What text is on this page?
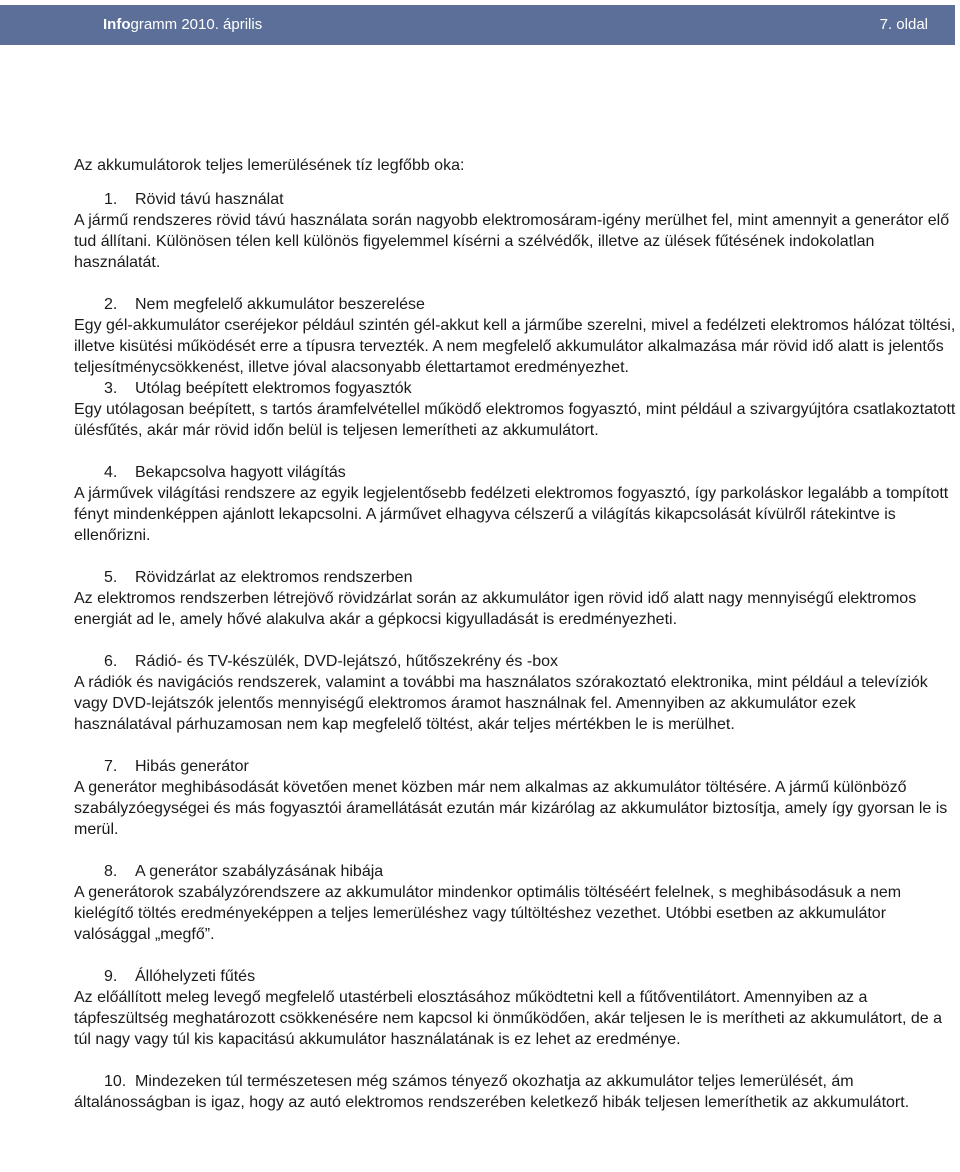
Infogramm 2010. április	7. oldal

Az akkumulátorok teljes lemerülésének tíz legfőbb oka:

1. Rövid távú használat
A jármű rendszeres rövid távú használata során nagyobb elektromosáram-igény merülhet fel, mint amennyit a generátor elő tud állítani. Különösen télen kell különös figyelemmel kísérni a szélvédők, illetve az ülések fűtésének indokolatlan használatát.
2. Nem megfelelő akkumulátor beszerelése
Egy gél-akkumulátor cseréjekor például szintén gél-akkut kell a járműbe szerelni, mivel a fedélzeti elektromos hálózat töltési, illetve kisütési működését erre a típusra tervezték. A nem megfelelő akkumulátor alkalmazása már rövid idő alatt is jelentős teljesítménycsökkenést, illetve jóval alacsonyabb élettartamot eredményezhet.
3. Utólag beépített elektromos fogyasztók
Egy utólagosan beépített, s tartós áramfelvétellel működő elektromos fogyasztó, mint például a szivargyújtóra csatlakoztatott ülésfűtés, akár már rövid időn belül is teljesen lemerítheti az akkumulátort.
4. Bekapcsolva hagyott világítás
A járművek világítási rendszere az egyik legjelentősebb fedélzeti elektromos fogyasztó, így parkoláskor legalább a tompított fényt mindenképpen ajánlott lekapcsolni. A járművet elhagyva célszerű a világítás kikapcsolását kívülről rátekintve is ellenőrizni.
5. Rövidzárlat az elektromos rendszerben
Az elektromos rendszerben létrejövő rövidzárlat során az akkumulátor igen rövid idő alatt nagy mennyiségű elektromos energiát ad le, amely hővé alakulva akár a gépkocsi kigyulladását is eredményezheti.
6. Rádió- és TV-készülék, DVD-lejátszó, hűtőszekrény és -box
A rádiók és navigációs rendszerek, valamint a további ma használatos szórakoztató elektronika, mint például a televíziók vagy DVD-lejátszók jelentős mennyiségű elektromos áramot használnak fel. Amennyiben az akkumulátor ezek használatával párhuzamosan nem kap megfelelő töltést, akár teljes mértékben le is merülhet.
7. Hibás generátor
A generátor meghibásodását követően menet közben már nem alkalmas az akkumulátor töltésére. A jármű különböző szabályzóegységei és más fogyasztói áramellátását ezután már kizárólag az akkumulátor biztosítja, amely így gyorsan le is merül.
8. A generátor szabályzásának hibája
A generátorok szabályzórendszere az akkumulátor mindenkor optimális töltéséért felelnek, s meghibásodásuk a nem kielégítő töltés eredményeképpen a teljes lemerüléshez vagy túltöltéshez vezethet. Utóbbi esetben az akkumulátor valósággal „megfő”.
9. Állóhelyzeti fűtés
Az előállított meleg levegő megfelelő utastérbeli elosztásához működtetni kell a fűtőventilátort. Amennyiben az a tápfeszültség meghatározott csökkenésére nem kapcsol ki önműködően, akár teljesen le is merítheti az akkumulátort, de a túl nagy vagy túl kis kapacitású akkumulátor használatának is ez lehet az eredménye.
10. Mindezeken túl természetesen még számos tényező okozhatja az akkumulátor teljes lemerülését, ám általánosságban is igaz, hogy az autó elektromos rendszerében keletkező hibák teljesen lemeríthetik az akkumulátort.
